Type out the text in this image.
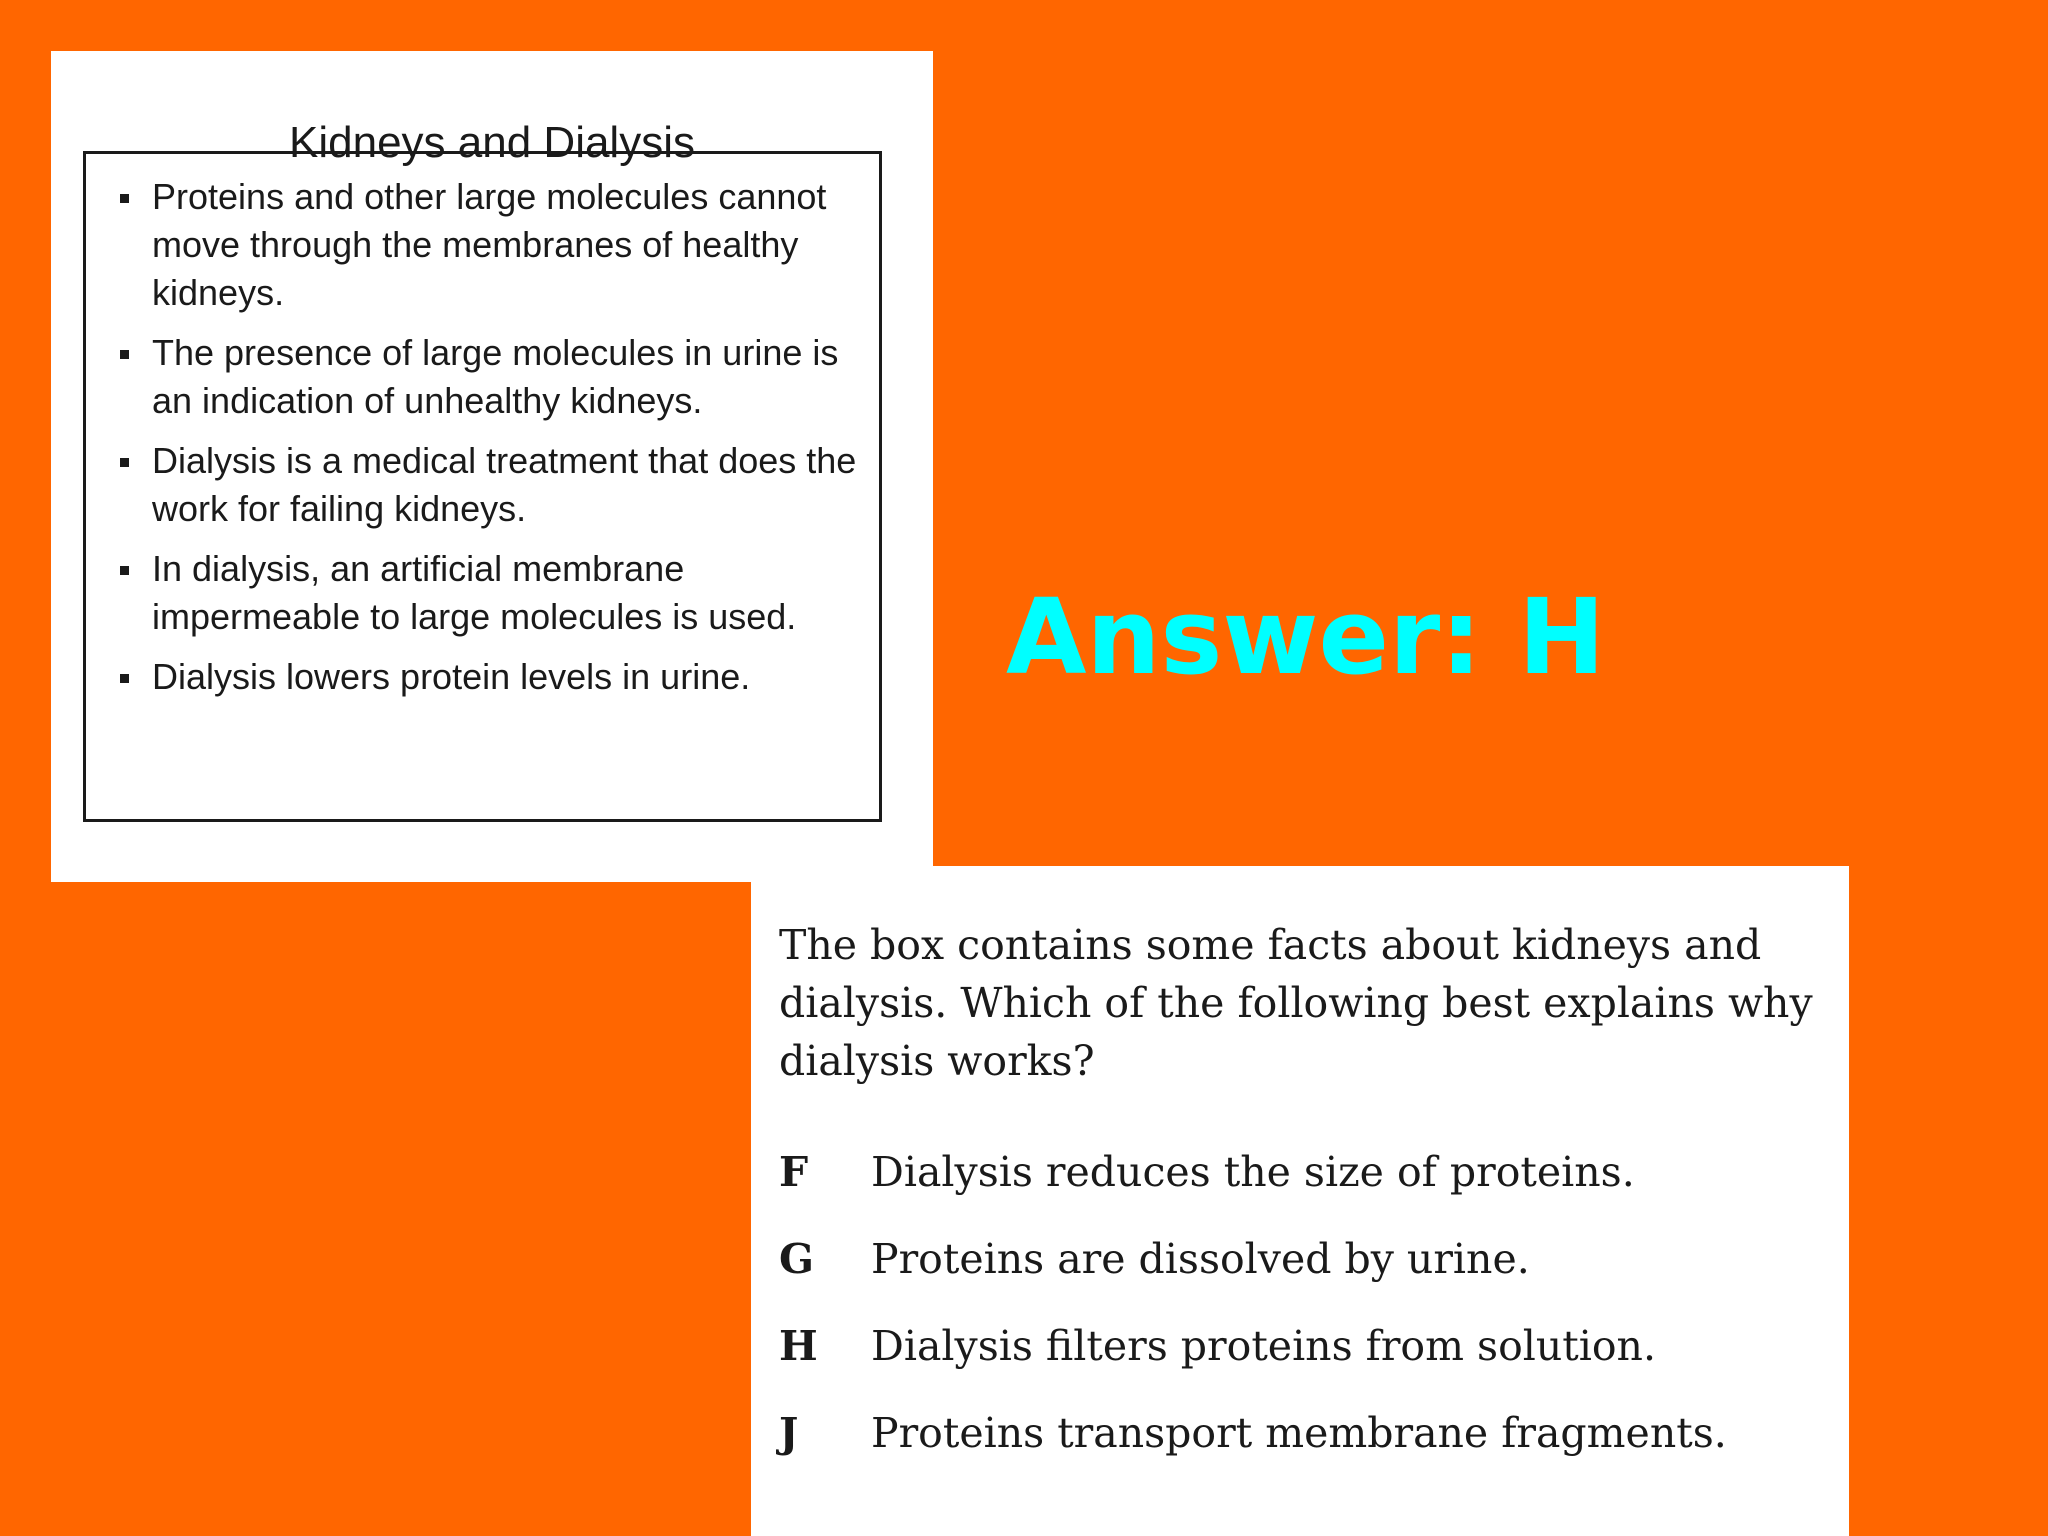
Kidneys and Dialysis
Proteins and other large molecules cannot move through the membranes of healthy kidneys.
The presence of large molecules in urine is an indication of unhealthy kidneys.
Dialysis is a medical treatment that does the work for failing kidneys.
In dialysis, an artificial membrane impermeable to large molecules is used.
Dialysis lowers protein levels in urine.	Answer: H
The box contains some facts about kidneys and dialysis. Which of the following best explains why dialysis works?
F Dialysis reduces the size of proteins.
G Proteins are dissolved by urine.
H Dialysis filters proteins from solution.
J Proteins transport membrane fragments.
